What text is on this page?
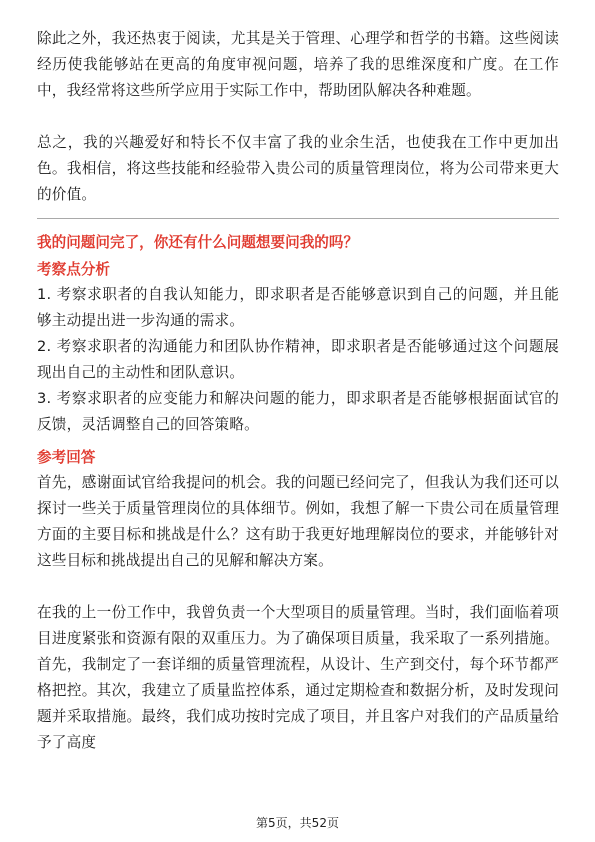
除此之外，我还热衷于阅读，尤其是关于管理、心理学和哲学的书籍。这些阅读经历使我能够站在更高的角度审视问题，培养了我的思维深度和广度。在工作中，我经常将这些所学应用于实际工作中，帮助团队解决各种难题。

总之，我的兴趣爱好和特长不仅丰富了我的业余生活，也使我在工作中更加出色。我相信，将这些技能和经验带入贵公司的质量管理岗位，将为公司带来更大的价值。

我的问题问完了，你还有什么问题想要问我的吗？
考察点分析

1. 考察求职者的自我认知能力，即求职者是否能够意识到自己的问题，并且能够主动提出进一步沟通的需求。

2. 考察求职者的沟通能力和团队协作精神，即求职者是否能够通过这个问题展现出自己的主动性和团队意识。

3. 考察求职者的应变能力和解决问题的能力，即求职者是否能够根据面试官的反馈，灵活调整自己的回答策略。

参考回答

首先，感谢面试官给我提问的机会。我的问题已经问完了，但我认为我们还可以探讨一些关于质量管理岗位的具体细节。例如，我想了解一下贵公司在质量管理方面的主要目标和挑战是什么？这有助于我更好地理解岗位的要求，并能够针对这些目标和挑战提出自己的见解和解决方案。

在我的上一份工作中，我曾负责一个大型项目的质量管理。当时，我们面临着项目进度紧张和资源有限的双重压力。为了确保项目质量，我采取了一系列措施。首先，我制定了一套详细的质量管理流程，从设计、生产到交付，每个环节都严格把控。其次，我建立了质量监控体系，通过定期检查和数据分析，及时发现问题并采取措施。最终，我们成功按时完成了项目，并且客户对我们的产品质量给予了高度

第5页，共52页
